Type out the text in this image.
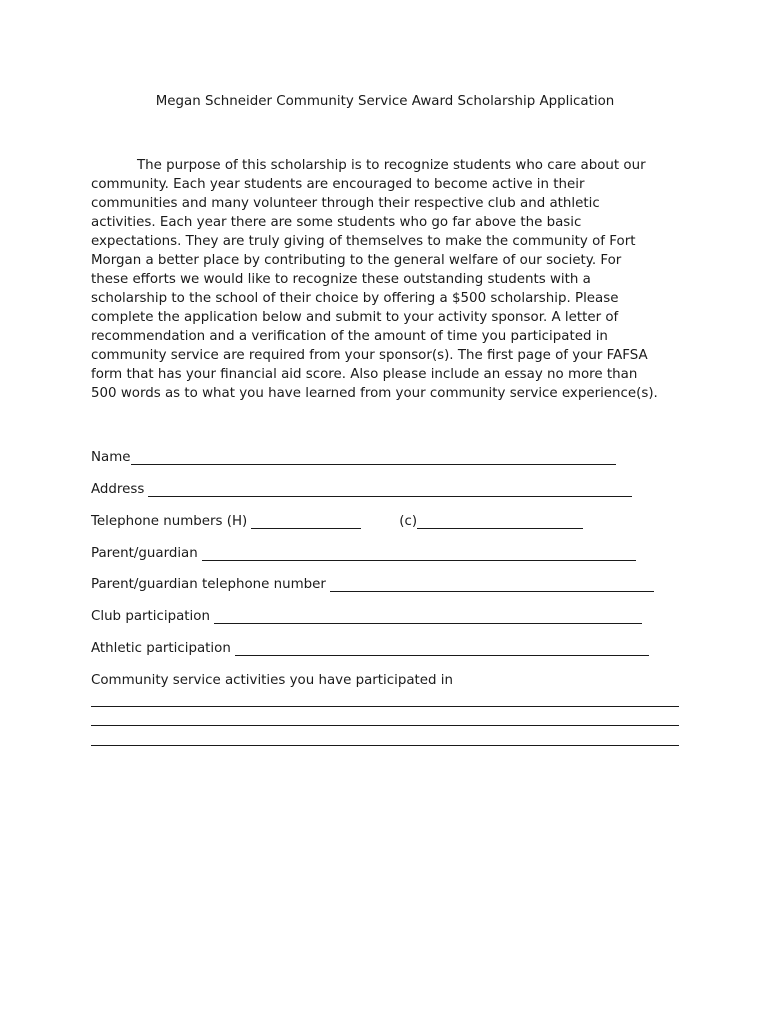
Megan Schneider Community Service Award Scholarship Application
The purpose of this scholarship is to recognize students who care about our
community. Each year students are encouraged to become active in their
communities and many volunteer through their respective club and athletic
activities. Each year there are some students who go far above the basic
expectations. They are truly giving of themselves to make the community of Fort
Morgan a better place by contributing to the general welfare of our society. For
these efforts we would like to recognize these outstanding students with a
scholarship to the school of their choice by offering a $500 scholarship. Please
complete the application below and submit to your activity sponsor. A letter of
recommendation and a verification of the amount of time you participated in
community service are required from your sponsor(s). The first page of your FAFSA
form that has your financial aid score. Also please include an essay no more than
500 words as to what you have learned from your community service experience(s).
Name
Address
Telephone numbers (H)	(c)
Parent/guardian
Parent/guardian telephone number
Club participation
Athletic participation
Community service activities you have participated in
